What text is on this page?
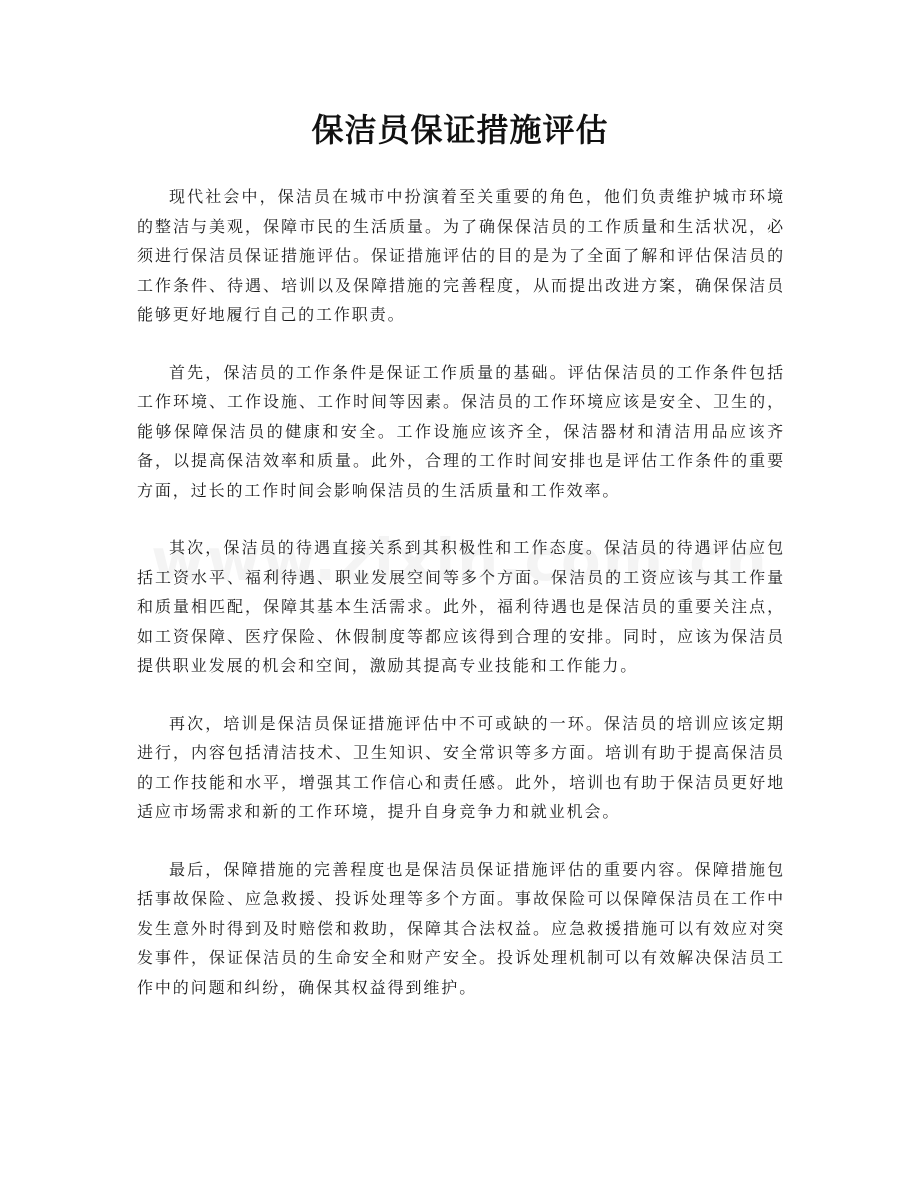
保洁员保证措施评估

现代社会中，保洁员在城市中扮演着至关重要的角色，他们负责维护城市环境的整洁与美观，保障市民的生活质量。为了确保保洁员的工作质量和生活状况，必须进行保洁员保证措施评估。保证措施评估的目的是为了全面了解和评估保洁员的工作条件、待遇、培训以及保障措施的完善程度，从而提出改进方案，确保保洁员能够更好地履行自己的工作职责。

首先，保洁员的工作条件是保证工作质量的基础。评估保洁员的工作条件包括工作环境、工作设施、工作时间等因素。保洁员的工作环境应该是安全、卫生的，能够保障保洁员的健康和安全。工作设施应该齐全，保洁器材和清洁用品应该齐备，以提高保洁效率和质量。此外，合理的工作时间安排也是评估工作条件的重要方面，过长的工作时间会影响保洁员的生活质量和工作效率。

其次，保洁员的待遇直接关系到其积极性和工作态度。保洁员的待遇评估应包括工资水平、福利待遇、职业发展空间等多个方面。保洁员的工资应该与其工作量和质量相匹配，保障其基本生活需求。此外，福利待遇也是保洁员的重要关注点，如工资保障、医疗保险、休假制度等都应该得到合理的安排。同时，应该为保洁员提供职业发展的机会和空间，激励其提高专业技能和工作能力。

再次，培训是保洁员保证措施评估中不可或缺的一环。保洁员的培训应该定期进行，内容包括清洁技术、卫生知识、安全常识等多方面。培训有助于提高保洁员的工作技能和水平，增强其工作信心和责任感。此外，培训也有助于保洁员更好地适应市场需求和新的工作环境，提升自身竞争力和就业机会。

最后，保障措施的完善程度也是保洁员保证措施评估的重要内容。保障措施包括事故保险、应急救援、投诉处理等多个方面。事故保险可以保障保洁员在工作中发生意外时得到及时赔偿和救助，保障其合法权益。应急救援措施可以有效应对突发事件，保证保洁员的生命安全和财产安全。投诉处理机制可以有效解决保洁员工作中的问题和纠纷，确保其权益得到维护。
